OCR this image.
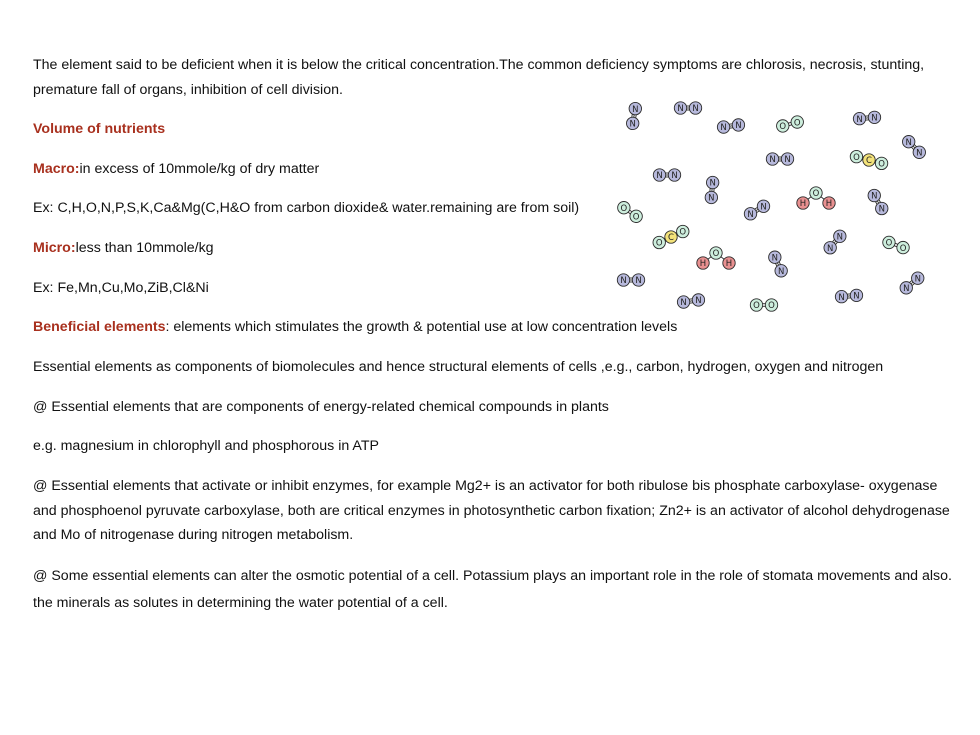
The element said to be deficient when it is below the critical concentration.The common deficiency symptoms are chlorosis, necrosis, stunting,
premature fall of organs, inhibition of cell division.
Volume of nutrients
Macro:in excess of 10mmole/kg of dry matter
Ex: C,H,O,N,P,S,K,Ca&Mg(C,H&O from carbon dioxide& water.remaining are from soil)
Micro:less than 10mmole/kg
Ex: Fe,Mn,Cu,Mo,ZiB,Cl&Ni
Beneficial elements: elements which stimulates the growth & potential use at low concentration levels
Essential elements as components of biomolecules and hence structural elements of cells ,e.g., carbon, hydrogen, oxygen and nitrogen
@ Essential elements that are components of energy-related chemical compounds in plants
e.g. magnesium in chlorophyll and phosphorous in ATP
@ Essential elements that activate or inhibit enzymes, for example Mg2+ is an activator for both ribulose bis phosphate carboxylase- oxygenase
and phosphoenol pyruvate carboxylase, both are critical enzymes in photosynthetic carbon fixation; Zn2+ is an activator of alcohol dehydrogenase
and Mo of nitrogenase during nitrogen metabolism.
@ Some essential elements can alter the osmotic potential of a cell. Potassium plays an important role in the role of stomata movements and also.
the minerals as solutes in determining the water potential of a cell.
N
N	N N
N N
N N
N
N
N N
N
N
N N
N
N
N
N
N
N
N N
N N
N
N
N N
N
N
O O
O
O
O
O
O O
O C O
O
C
O
H H
O
H H
O
